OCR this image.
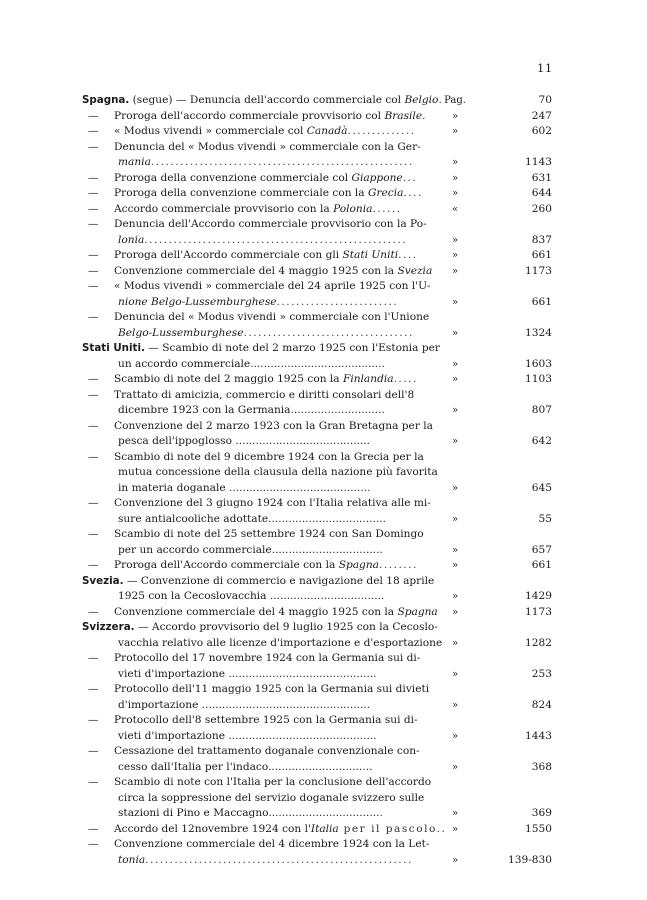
11
Spagna. (segue) — Denuncia dell'accordo commerciale col Belgio. Pag.	70
— Proroga dell'accordo commerciale provvisorio col Brasile.	»	247
— « Modus vivendi » commerciale col Canadà..............	»	602
— Denuncia del « Modus vivendi » commerciale con la Ger-
mania......................................................	»	1143
— Proroga della convenzione commerciale col Giappone...	»	631
— Proroga della convenzione commerciale con la Grecia....	»	644
— Accordo commerciale provvisorio con la Polonia......	«	260
— Denuncia dell'Accordo commerciale provvisorio con la Po-
lonia......................................................	»	837
— Proroga dell'Accordo commerciale con gli Stati Uniti....	»	661
— Convenzione commerciale del 4 maggio 1925 con la Svezia	»	1173
— « Modus vivendi » commerciale del 24 aprile 1925 con l'U-
nione Belgo-Lussemburghese.........................	»	661
— Denuncia del « Modus vivendi » commerciale con l'Unione
Belgo-Lussemburghese...................................	»	1324
Stati Uniti. — Scambio di note del 2 marzo 1925 con l'Estonia per
un accordo commerciale........................................	»	1603
— Scambio di note del 2 maggio 1925 con la Finlandia.....	»	1103
— Trattato di amicizia, commercio e diritti consolari dell'8
dicembre 1923 con la Germania............................	»	807
— Convenzione del 2 marzo 1923 con la Gran Bretagna per la
pesca dell'ippoglosso ........................................	»	642
— Scambio di note del 9 dicembre 1924 con la Grecia per la
mutua concessione della clausula della nazione più favorita
in materia doganale ..........................................	»	645
— Convenzione del 3 giugno 1924 con l'Italia relativa alle mi-
sure antialcooliche adottate...................................	»	55
— Scambio di note del 25 settembre 1924 con San Domingo
per un accordo commerciale.................................	»	657
— Proroga dell'Accordo commerciale con la Spagna........	»	661
Svezia. — Convenzione di commercio e navigazione del 18 aprile
1925 con la Cecoslovacchia ..................................	»	1429
— Convenzione commerciale del 4 maggio 1925 con la Spagna	»	1173
Svizzera. — Accordo provvisorio del 9 luglio 1925 con la Cecoslo-
vacchia relativo alle licenze d'importazione e d'esportazione »	1282
— Protocollo del 17 novembre 1924 con la Germania sui di-
vieti d'importazione ............................................	»	253
— Protocollo dell'11 maggio 1925 con la Germania sui divieti
d'importazione ..................................................	»	824
— Protocollo dell'8 settembre 1925 con la Germania sui di-
vieti d'importazione ............................................	»	1443
— Cessazione del trattamento doganale convenzionale con-
cesso dall'Italia per l'indaco...............................	»	368
— Scambio di note con l'Italia per la conclusione dell'accordo
circa la soppressione del servizio doganale svizzero sulle
stazioni di Pino e Maccagno..................................	»	369
— Accordo del 12novembre 1924 con l'Italia per il pascolo.. »	1550
— Convenzione commerciale del 4 dicembre 1924 con la Let-
tonia.......................................................	»	139-830
